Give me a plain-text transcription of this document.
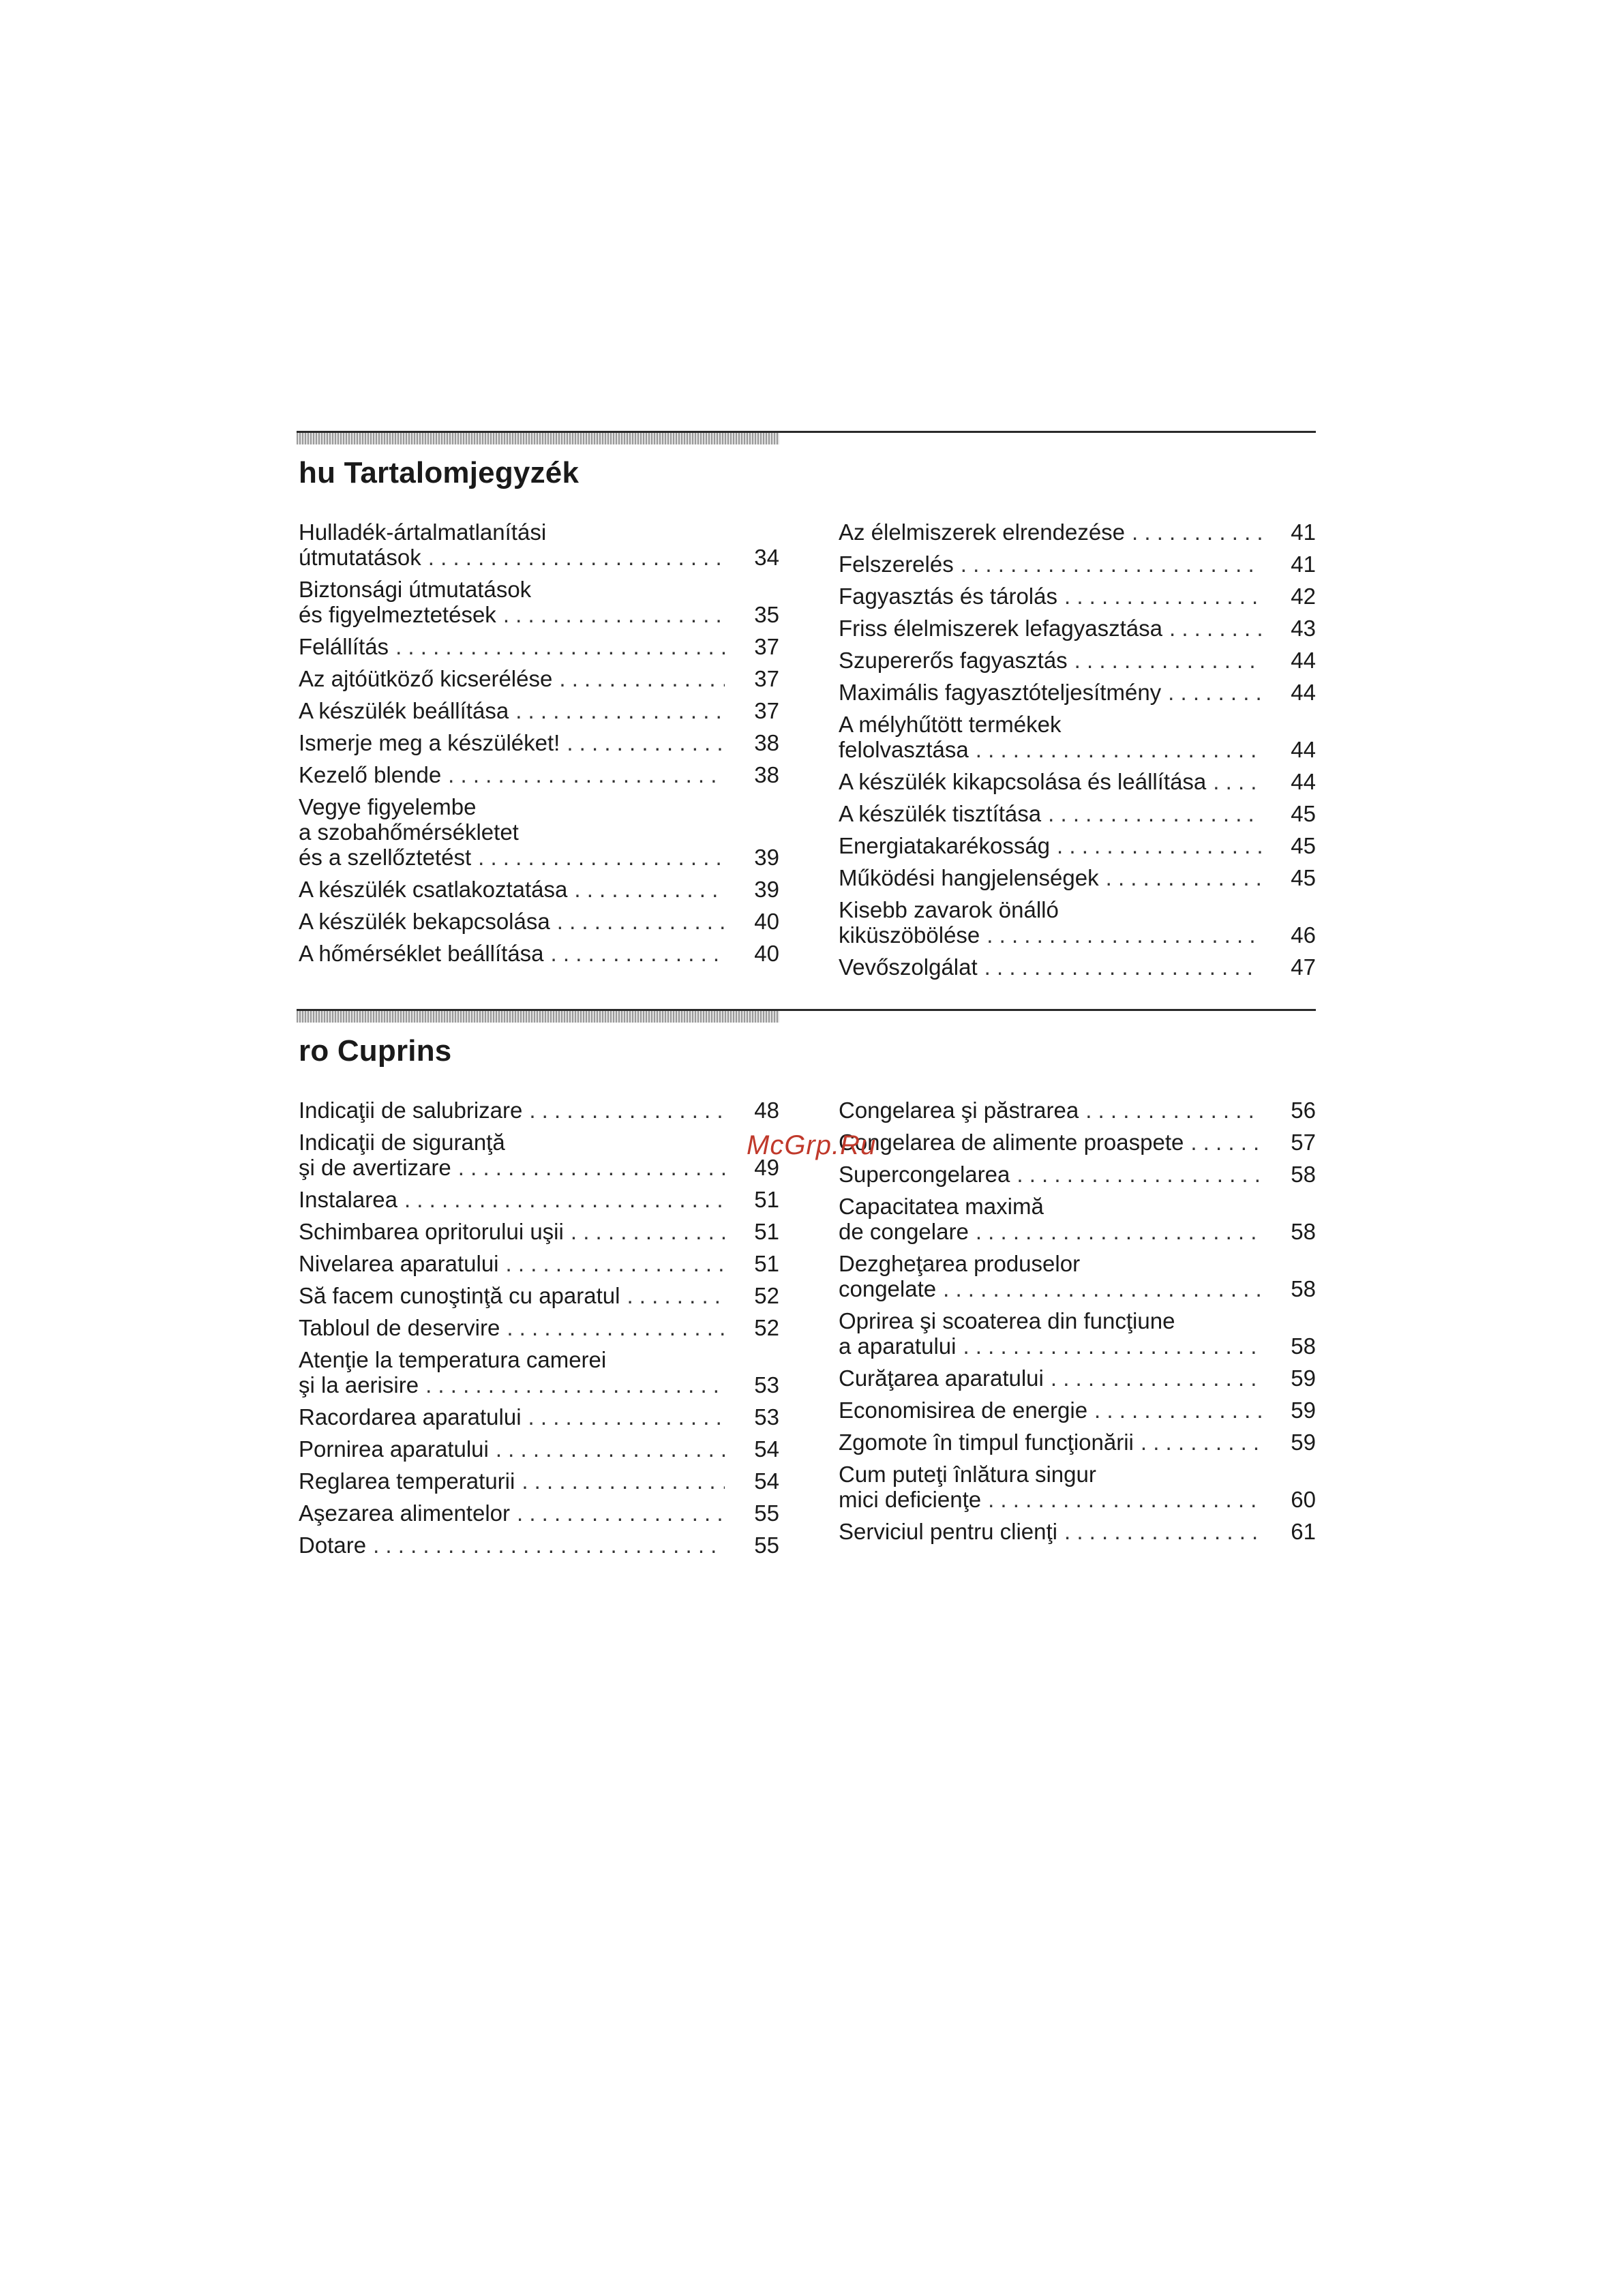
hu Tartalomjegyzék
Hulladék-ártalmatlanítási
útmutatások . . .	34
Biztonsági útmutatások
és figyelmeztetések . . .	35
Felállítás . . .	37
Az ajtóütköző kicserélése . . .	37
A készülék beállítása . . .	37
Ismerje meg a készüléket! . . .	38
Kezelő blende . . .	38
Vegye figyelembe
a szobahőmérsékletet
és a szellőztetést . . .	39
A készülék csatlakoztatása . . .	39
A készülék bekapcsolása . . .	40
A hőmérséklet beállítása . . .	40
Az élelmiszerek elrendezése . . .	41
Felszerelés . . .	41
Fagyasztás és tárolás . . .	42
Friss élelmiszerek lefagyasztása . . .	43
Szupererős fagyasztás . . .	44
Maximális fagyasztóteljesítmény . . .	44
A mélyhűtött termékek
felolvasztása . . .	44
A készülék kikapcsolása és leállítása . . .	44
A készülék tisztítása . . .	45
Energiatakarékosság . . .	45
Működési hangjelenségek . . .	45
Kisebb zavarok önálló
kiküszöbölése . . .	46
Vevőszolgálat . . .	47
ro Cuprins
Indicaţii de salubrizare . . .	48
Indicaţii de siguranţă
şi de avertizare . . .	49
Instalarea . . .	51
Schimbarea opritorului uşii . . .	51
Nivelarea aparatului . . .	51
Să facem cunoştinţă cu aparatul . . .	52
Tabloul de deservire . . .	52
Atenţie la temperatura camerei
şi la aerisire . . .	53
Racordarea aparatului . . .	53
Pornirea aparatului . . .	54
Reglarea temperaturii . . .	54
Aşezarea alimentelor . . .	55
Dotare . . .	55
Congelarea şi păstrarea . . .	56
Congelarea de alimente proaspete . . .	57
Supercongelarea . . .	58
Capacitatea maximă
de congelare . . .	58
Dezgheţarea produselor
congelate . . .	58
Oprirea şi scoaterea din funcţiune
a aparatului . . .	58
Curăţarea aparatului . . .	59
Economisirea de energie . . .	59
Zgomote în timpul funcţionării . . .	59
Cum puteţi înlătura singur
mici deficienţe . . .	60
Serviciul pentru clienţi . . .	61
McGrp.Ru
